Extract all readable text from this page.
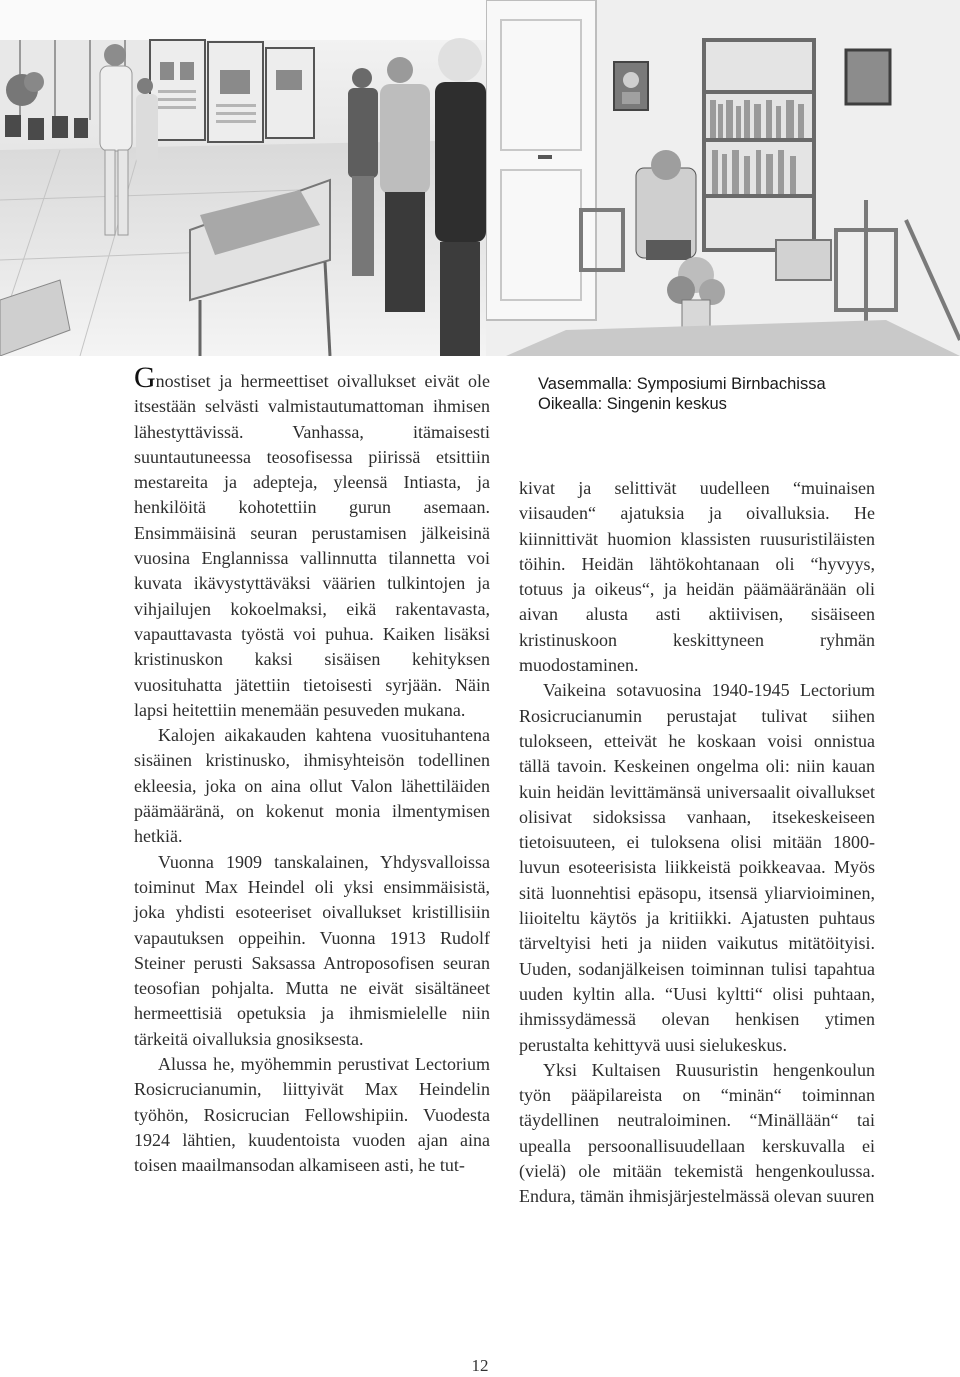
Vasemmalla: Symposiumi Birnbachissa
Oikealla: Singenin keskus

Gnostiset ja hermeettiset oivallukset eivät ole itsestään selvästi valmistautumattoman ihmisen lähestyttävissä. Vanhassa, itämaisesti suuntautuneessa teosofisessa piirissä etsittiin mestareita ja adepteja, yleensä Intiasta, ja henkilöitä kohotettiin gurun asemaan. Ensimmäisinä seuran perustamisen jälkeisinä vuosina Englannissa vallinnutta tilannetta voi kuvata ikävystyttäväksi väärien tulkintojen ja vihjailujen kokoelmaksi, eikä rakentavasta, vapauttavasta työstä voi puhua. Kaiken lisäksi kristinuskon kaksi sisäisen kehityksen vuosituhatta jätettiin tietoisesti syrjään. Näin lapsi heitettiin menemään pesuveden mukana.

Kalojen aikakauden kahtena vuosituhantena sisäinen kristinusko, ihmisyhteisön todellinen ekleesia, joka on aina ollut Valon lähettiläiden päämääränä, on kokenut monia ilmentymisen hetkiä.

Vuonna 1909 tanskalainen, Yhdysvalloissa toiminut Max Heindel oli yksi ensimmäisistä, joka yhdisti esoteeriset oivallukset kristillisiin vapautuksen oppeihin. Vuonna 1913 Rudolf Steiner perusti Saksassa Antroposofisen seuran teosofian pohjalta. Mutta ne eivät sisältäneet hermeettisiä opetuksia ja ihmismielelle niin tärkeitä oivalluksia gnosiksesta.

Alussa he, myöhemmin perustivat Lectorium Rosicrucianumin, liittyivät Max Heindelin työhön, Rosicrucian Fellowshipiin. Vuodesta 1924 lähtien, kuudentoista vuoden ajan aina toisen maailmansodan alkamiseen asti, he tut-

kivat ja selittivät uudelleen “muinaisen viisauden“ ajatuksia ja oivalluksia. He kiinnittivät huomion klassisten ruusuristiläisten töihin. Heidän lähtökohtanaan oli “hyvyys, totuus ja oikeus“, ja heidän päämääränään oli aivan alusta asti aktiivisen, sisäiseen kristinuskoon keskittyneen ryhmän muodostaminen.

Vaikeina sotavuosina 1940-1945 Lectorium Rosicrucianumin perustajat tulivat siihen tulokseen, etteivät he koskaan voisi onnistua tällä tavoin. Keskeinen ongelma oli: niin kauan kuin heidän levittämänsä universaalit oivallukset olisivat sidoksissa vanhaan, itsekeskeiseen tietoisuuteen, ei tuloksena olisi mitään 1800-luvun esoteerisista liikkeistä poikkeavaa. Myös sitä luonnehtisi epäsopu, itsensä yliarvioiminen, liioiteltu käytös ja kritiikki. Ajatusten puhtaus tärveltyisi heti ja niiden vaikutus mitätöityisi. Uuden, sodanjälkeisen toiminnan tulisi tapahtua uuden kyltin alla. “Uusi kyltti“ olisi puhtaan, ihmissydämessä olevan henkisen ytimen perustalta kehittyvä uusi sielukeskus.

Yksi Kultaisen Ruusuristin hengenkoulun työn pääpilareista on “minän“ toiminnan täydellinen neutraloiminen. “Minällään“ tai upealla persoonallisuudellaan kerskuvalla ei (vielä) ole mitään tekemistä hengenkoulussa. Endura, tämän ihmisjärjestelmässä olevan suuren

12
